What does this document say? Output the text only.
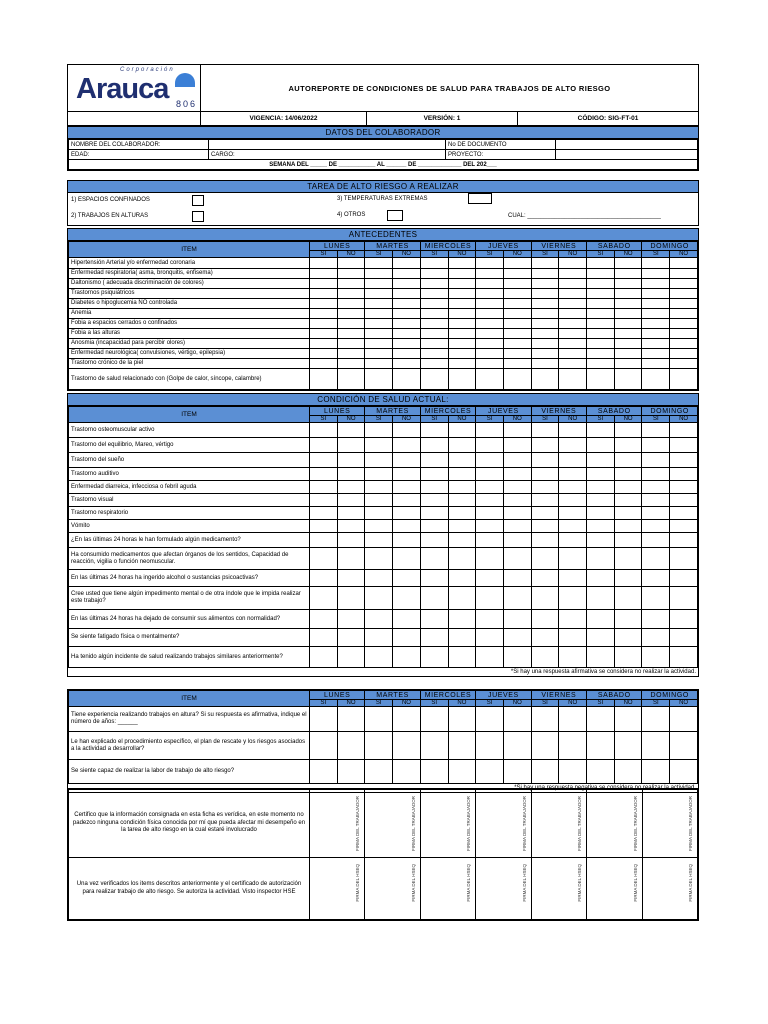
Corporación
Arauca 806
AUTOREPORTE DE CONDICIONES DE SALUD PARA TRABAJOS DE ALTO RIESGO
VIGENCIA: 14/06/2022	VERSIÓN: 1	CÓDIGO: SIG-FT-01
DATOS DEL COLABORADOR
NOMBRE DEL COLABORADOR:		No DE DOCUMENTO	
EDAD:	CARGO:	PROYECTO:	
SEMANA DEL _____ DE ___________ AL ______ DE _____________ DEL 202___			
TAREA DE ALTO RIESGO A REALIZAR
1) ESPACIOS CONFINADOS	3) TEMPERATURAS EXTREMAS
2) TRABAJOS EN ALTURAS	4) OTROS	CUAL: ________________________________________
ANTECEDENTES
ITEM	LUNES		MARTES		MIERCOLES		JUEVES		VIERNES		SABADO		DOMINGO	
	SI	NO	SI	NO	SI	NO	SI	NO	SI	NO	SI	NO	SI	NO
Hipertensión Arterial y/o enfermedad coronaria														
Enfermedad respiratoria( asma, bronquitis, enfisema)														
Daltonismo ( adecuada discriminación de colores)														
Trastornos psiquiátricos														
Diabetes o hipoglucemia NO controlada														
Anemia														
Fobia a espacios cerrados o confinados														
Fobia a las alturas														
Anosmia (incapacidad para percibir olores)														
Enfermedad neurológica( convulsiones, vértigo, epilepsia)														
Trastorno crónico de la piel														
Trastorno de salud relacionado con (Golpe de calor, síncope, calambre)														
CONDICIÓN DE SALUD ACTUAL:
ITEM	LUNES		MARTES		MIERCOLES		JUEVES		VIERNES		SABADO		DOMINGO	
	SI	NO	SI	NO	SI	NO	SI	NO	SI	NO	SI	NO	SI	NO
Trastorno osteomuscular activo														
Trastorno del equilibrio, Mareo, vértigo														
Trastorno del sueño														
Trastorno auditivo														
Enfermedad diarreica, infecciosa o febril aguda														
Trastorno visual														
Trastorno respiratorio														
Vómito														
¿En las últimas 24 horas le han formulado algún medicamento?														
Ha consumido medicamentos que afectan órganos de los sentidos, Capacidad de reacción, vigilia o función neomuscular.														
En las últimas 24 horas ha ingerido alcohol o sustancias psicoactivas?														
Cree usted que tiene algún impedimento mental o de otra índole que le impida realizar este trabajo?														
En las últimas 24 horas ha dejado de consumir sus alimentos con normalidad?														
Se siente fatigado física o mentalmente?														
Ha tenido algún incidente de salud realizando trabajos similares anteriormente?														
*Si hay una respuesta afirmativa se considera no realizar la actividad.
ITEM	LUNES		MARTES		MIERCOLES		JUEVES		VIERNES		SABADO		DOMINGO	
	SI	NO	SI	NO	SI	NO	SI	NO	SI	NO	SI	NO	SI	NO
Tiene experiencia realizando trabajos en altura? Si su respuesta es afirmativa, indique el número de años: ______														
Le han explicado el procedimiento específico, el plan de rescate y los riesgos asociados a la actividad a desarrollar?														
Se siente capaz de realizar la labor de trabajo de alto riesgo?														
*Si hay una respuesta negativa se considera no realizar la actividad.
Certifico que la información consignada en esta ficha es verídica, en este momento no padezco ninguna condición física conocida por mí que pueda afectar mi desempeño en la tarea de alto riesgo en la cual estaré involucrado	FIRMA DEL TRABAJADOR	FIRMA DEL TRABAJADOR	FIRMA DEL TRABAJADOR	FIRMA DEL TRABAJADOR	FIRMA DEL TRABAJADOR	FIRMA DEL TRABAJADOR	FIRMA DEL TRABAJADOR

Una vez verificados los items descritos anteriormente y el certificado de autorización para realizar trabajo de alto riesgo. Se autoriza la actividad. Visto inspector HSE	FIRMA DEL HSEQ	FIRMA DEL HSEQ	FIRMA DEL HSEQ	FIRMA DEL HSEQ	FIRMA DEL HSEQ	FIRMA DEL HSEQ	FIRMA DEL HSEQ
